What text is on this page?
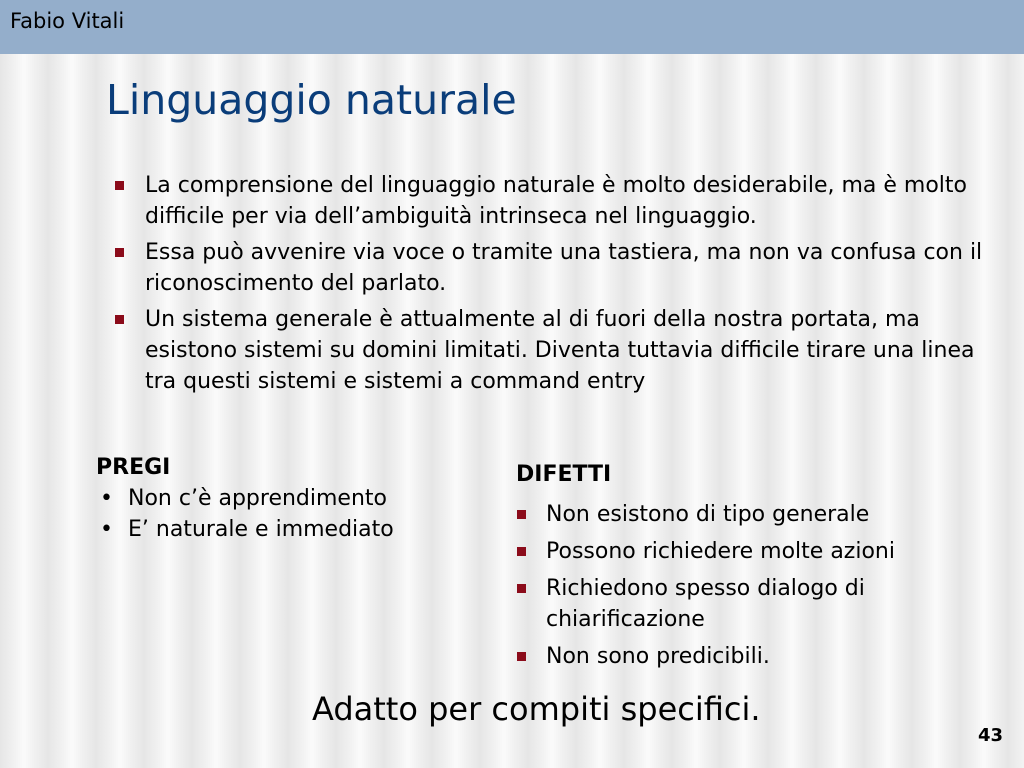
Fabio Vitali
Linguaggio naturale
La comprensione del linguaggio naturale è molto desiderabile, ma è molto difficile per via dell’ambiguità intrinseca nel linguaggio.
Essa può avvenire via voce o tramite una tastiera, ma non va confusa con il riconoscimento del parlato.
Un sistema generale è attualmente al di fuori della nostra portata, ma esistono sistemi su domini limitati. Diventa tuttavia difficile tirare una linea tra questi sistemi e sistemi a command entry
PREGI
• Non c’è apprendimento
• E’ naturale e immediato
DIFETTI
Non esistono di tipo generale
Possono richiedere molte azioni
Richiedono spesso dialogo di chiarificazione
Non sono predicibili.
Adatto per compiti specifici.
43
